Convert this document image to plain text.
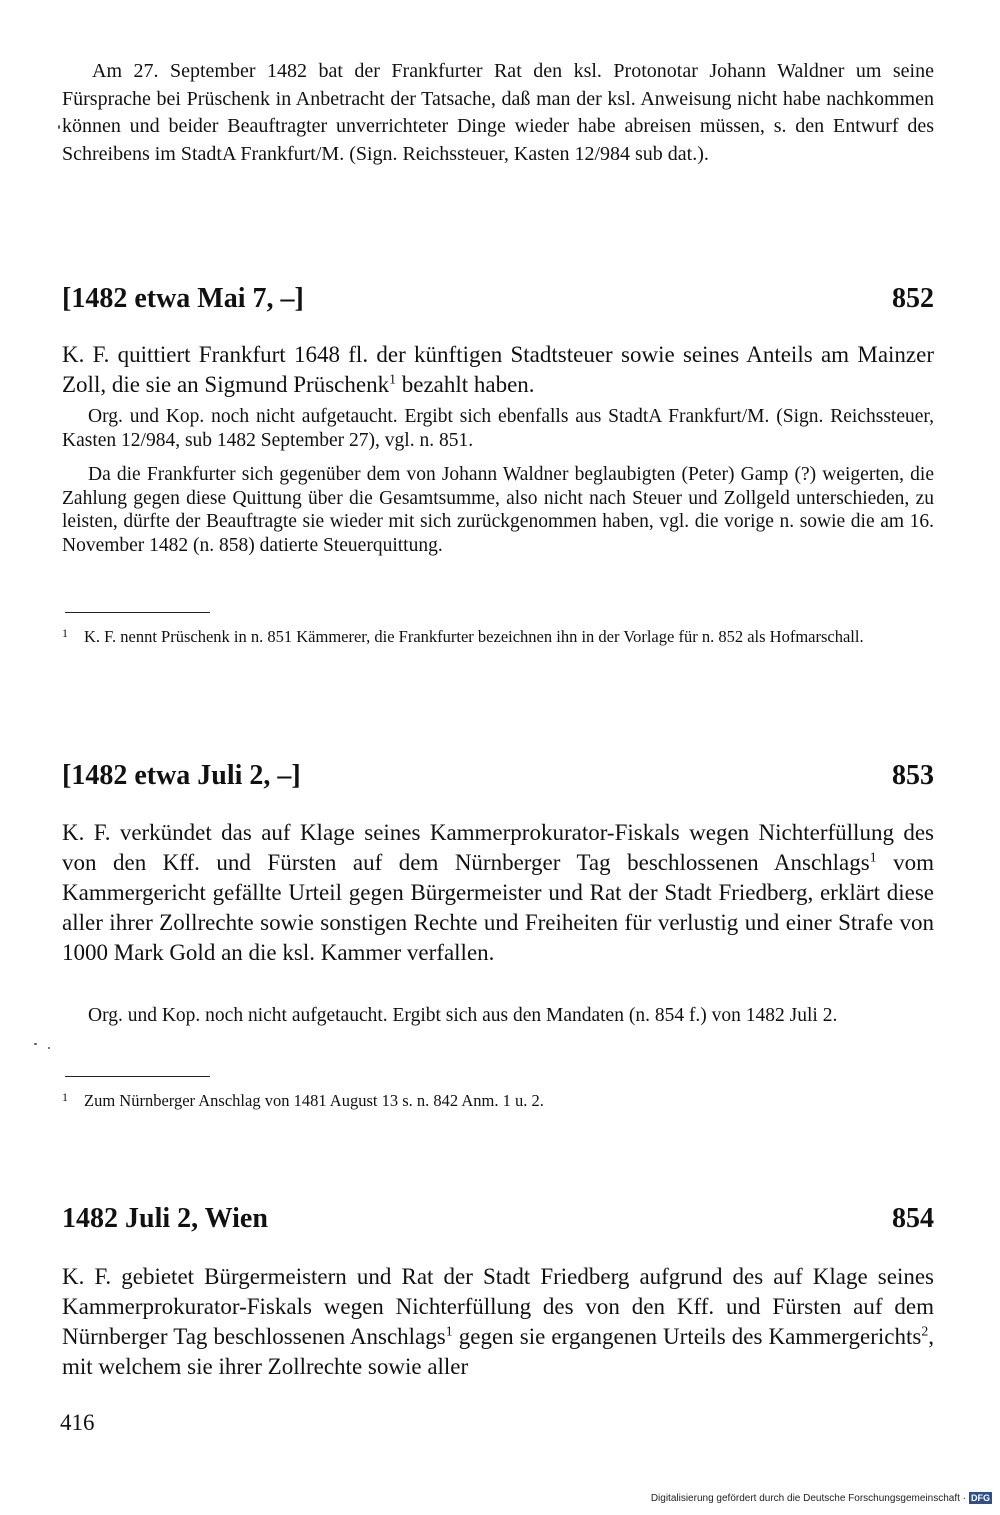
Am 27. September 1482 bat der Frankfurter Rat den ksl. Protonotar Johann Waldner um seine Fürsprache bei Prüschenk in Anbetracht der Tatsache, daß man der ksl. Anweisung nicht habe nachkommen können und beider Beauftragter unverrichteter Dinge wieder habe abreisen müssen, s. den Entwurf des Schreibens im StadtA Frankfurt/M. (Sign. Reichssteuer, Kasten 12/984 sub dat.).
[1482 etwa Mai 7, –]	852
K. F. quittiert Frankfurt 1648 fl. der künftigen Stadtsteuer sowie seines Anteils am Mainzer Zoll, die sie an Sigmund Prüschenk$^1$ bezahlt haben.
Org. und Kop. noch nicht aufgetaucht. Ergibt sich ebenfalls aus StadtA Frankfurt/M. (Sign. Reichssteuer, Kasten 12/984, sub 1482 September 27), vgl. n. 851.
Da die Frankfurter sich gegenüber dem von Johann Waldner beglaubigten (Peter) Gamp (?) weigerten, die Zahlung gegen diese Quittung über die Gesamtsumme, also nicht nach Steuer und Zollgeld unterschieden, zu leisten, dürfte der Beauftragte sie wieder mit sich zurückgenommen haben, vgl. die vorige n. sowie die am 16. November 1482 (n. 858) datierte Steuerquittung.
1 K. F. nennt Prüschenk in n. 851 Kämmerer, die Frankfurter bezeichnen ihn in der Vorlage für n. 852 als Hofmarschall.
[1482 etwa Juli 2, –]	853
K. F. verkündet das auf Klage seines Kammerprokurator-Fiskals wegen Nichterfüllung des von den Kff. und Fürsten auf dem Nürnberger Tag beschlossenen Anschlags$^1$ vom Kammergericht gefällte Urteil gegen Bürgermeister und Rat der Stadt Friedberg, erklärt diese aller ihrer Zollrechte sowie sonstigen Rechte und Freiheiten für verlustig und einer Strafe von 1000 Mark Gold an die ksl. Kammer verfallen.
Org. und Kop. noch nicht aufgetaucht. Ergibt sich aus den Mandaten (n. 854 f.) von 1482 Juli 2.
1 Zum Nürnberger Anschlag von 1481 August 13 s. n. 842 Anm. 1 u. 2.
1482 Juli 2, Wien	854
K. F. gebietet Bürgermeistern und Rat der Stadt Friedberg aufgrund des auf Klage seines Kammerprokurator-Fiskals wegen Nichterfüllung des von den Kff. und Fürsten auf dem Nürnberger Tag beschlossenen Anschlags$^1$ gegen sie ergangenen Urteils des Kammergerichts$^2$, mit welchem sie ihrer Zollrechte sowie aller
416
Digitalisierung gefördert durch die Deutsche Forschungsgemeinschaft · DFG
